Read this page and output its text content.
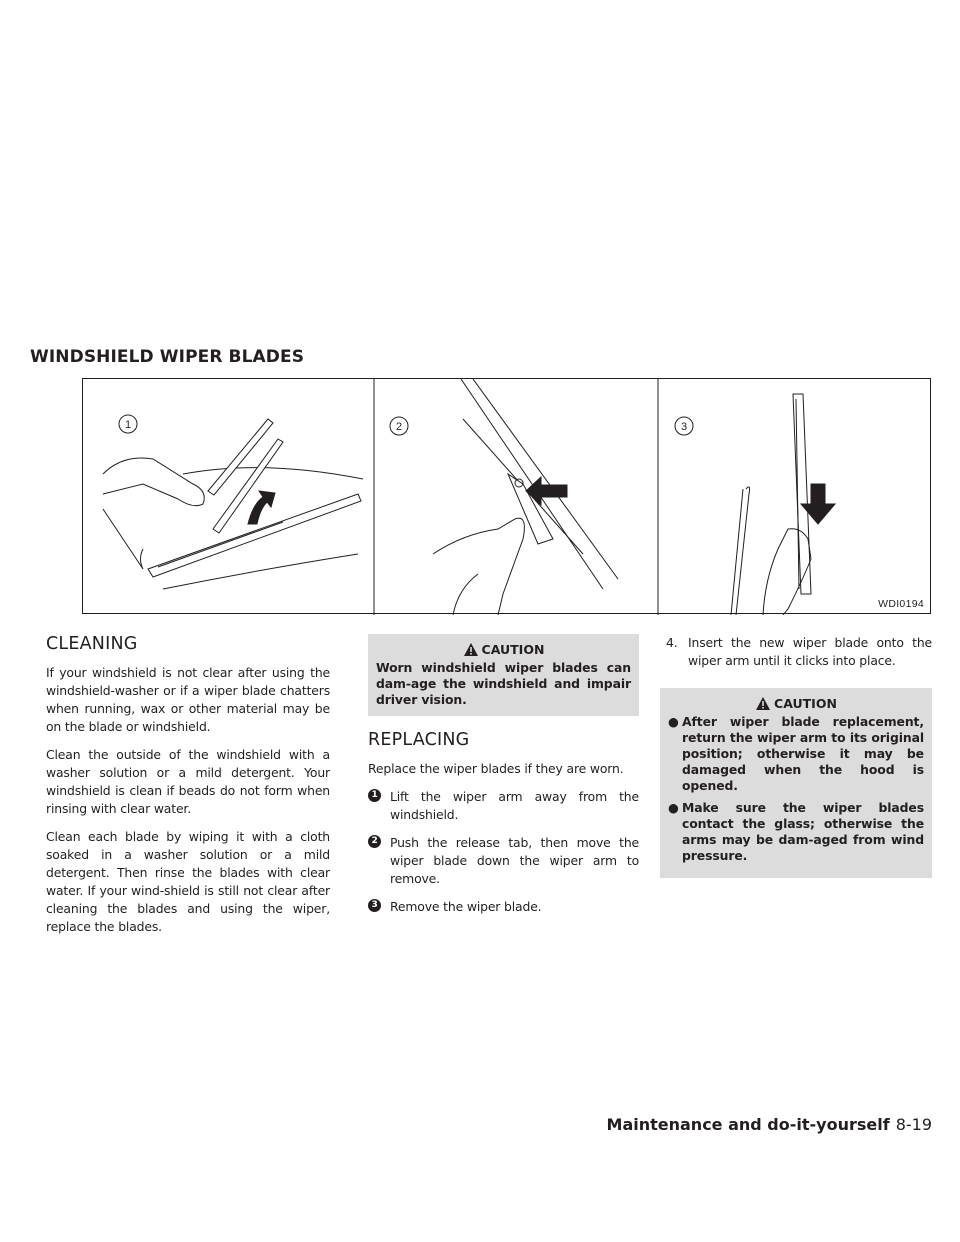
WINDSHIELD WIPER BLADES
1	2	3
WDI0194
CLEANING

If your windshield is not clear after using the windshield-washer or if a wiper blade chatters when running, wax or other material may be on the blade or windshield.

Clean the outside of the windshield with a washer solution or a mild detergent. Your windshield is clean if beads do not form when rinsing with clear water.

Clean each blade by wiping it with a cloth soaked in a washer solution or a mild detergent. Then rinse the blades with clear water. If your wind-shield is still not clear after cleaning the blades and using the wiper, replace the blades.

CAUTION
Worn windshield wiper blades can dam-age the windshield and impair driver vision.
REPLACING

Replace the wiper blades if they are worn.

1	Lift the wiper arm away from the windshield.
2	Push the release tab, then move the wiper blade down the wiper arm to remove.
3	Remove the wiper blade.
4. Insert the new wiper blade onto the wiper arm until it clicks into place.
CAUTION
● After wiper blade replacement, return the wiper arm to its original position; otherwise it may be damaged when the hood is opened.
● Make sure the wiper blades contact the glass; otherwise the arms may be dam-aged from wind pressure.
Maintenance and do-it-yourself 8-19
